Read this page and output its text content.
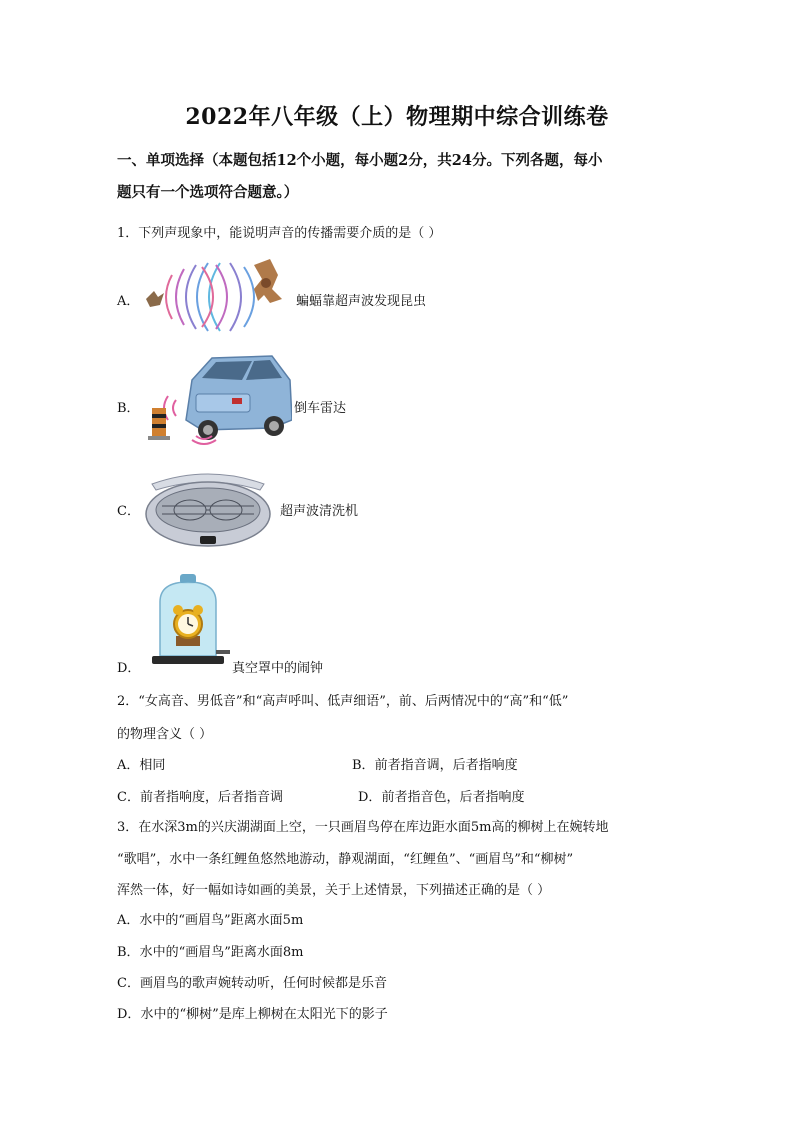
2022年八年级（上）物理期中综合训练卷
一、单项选择（本题包括12个小题，每小题2分，共24分。下列各题，每小
题只有一个选项符合题意。）
1．下列声现象中，能说明声音的传播需要介质的是（ ）
A．	蝙蝠靠超声波发现昆虫
B．	倒车雷达
C．	超声波清洗机
D．	真空罩中的闹钟
2．“女高音、男低音”和“高声呼叫、低声细语”，前、后两情况中的“高”和“低”
的物理含义（ ）
A．相同	B．前者指音调，后者指响度
C．前者指响度，后者指音调	D．前者指音色，后者指响度
3．在水深3m的兴庆湖湖面上空，一只画眉鸟停在库边距水面5m高的柳树上在婉转地
“歌唱”，水中一条红鲤鱼悠然地游动，静观湖面，“红鲤鱼”、“画眉鸟”和“柳树”
浑然一体，好一幅如诗如画的美景，关于上述情景，下列描述正确的是（ ）
A．水中的“画眉鸟”距离水面5m
B．水中的“画眉鸟”距离水面8m
C．画眉鸟的歌声婉转动听，任何时候都是乐音
D．水中的“柳树”是库上柳树在太阳光下的影子
